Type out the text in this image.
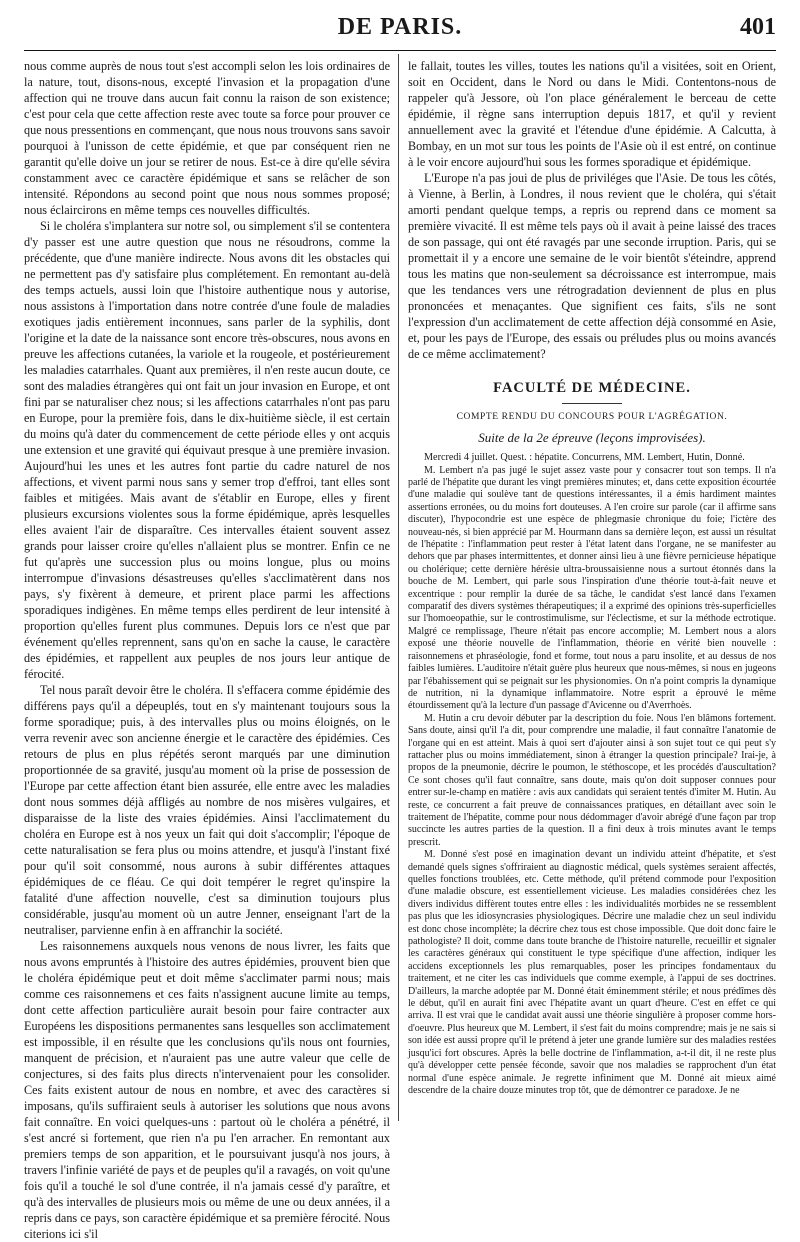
DE PARIS.	401

nous comme auprès de nous tout s'est accompli selon les lois ordinaires de la nature, tout, disons-nous, excepté l'invasion et la propagation d'une affection qui ne trouve dans aucun fait connu la raison de son existence; c'est pour cela que cette affection reste avec toute sa force pour prouver ce que nous pressentions en commençant, que nous nous trouvons sans savoir pourquoi à l'unisson de cette épidémie, et que par conséquent rien ne garantit qu'elle doive un jour se retirer de nous. Est-ce à dire qu'elle sévira constamment avec ce caractère épidémique et sans se relâcher de son intensité. Répondons au second point que nous nous sommes proposé; nous éclaircirons en même temps ces nouvelles difficultés.

Si le choléra s'implantera sur notre sol, ou simplement s'il se contentera d'y passer est une autre question que nous ne résoudrons, comme la précédente, que d'une manière indirecte. Nous avons dit les obstacles qui ne permettent pas d'y satisfaire plus complétement. En remontant au-delà des temps actuels, aussi loin que l'histoire authentique nous y autorise, nous assistons à l'importation dans notre contrée d'une foule de maladies exotiques jadis entièrement inconnues, sans parler de la syphilis, dont l'origine et la date de la naissance sont encore très-obscures, nous avons en preuve les affections cutanées, la variole et la rougeole, et postérieurement les maladies catarrhales. Quant aux premières, il n'en reste aucun doute, ce sont des maladies étrangères qui ont fait un jour invasion en Europe, et ont fini par se naturaliser chez nous; si les affections catarrhales n'ont pas paru en Europe, pour la première fois, dans le dix-huitième siècle, il est certain du moins qu'à dater du commencement de cette période elles y ont acquis une extension et une gravité qui équivaut presque à une première invasion. Aujourd'hui les unes et les autres font partie du cadre naturel de nos affections, et vivent parmi nous sans y semer trop d'effroi, tant elles sont faibles et mitigées. Mais avant de s'établir en Europe, elles y firent plusieurs excursions violentes sous la forme épidémique, après lesquelles elles avaient l'air de disparaître. Ces intervalles étaient souvent assez grands pour laisser croire qu'elles n'allaient plus se montrer. Enfin ce ne fut qu'après une succession plus ou moins longue, plus ou moins interrompue d'invasions désastreuses qu'elles s'acclimatèrent dans nos pays, s'y fixèrent à demeure, et prirent place parmi les affections sporadiques indigènes. En même temps elles perdirent de leur intensité à proportion qu'elles furent plus communes. Depuis lors ce n'est que par événement qu'elles reprennent, sans qu'on en sache la cause, le caractère des épidémies, et rappellent aux peuples de nos jours leur antique de férocité.

Tel nous paraît devoir être le choléra. Il s'effacera comme épidémie des différens pays qu'il a dépeuplés, tout en s'y maintenant toujours sous la forme sporadique; puis, à des intervalles plus ou moins éloignés, on le verra revenir avec son ancienne énergie et le caractère des épidémies. Ces retours de plus en plus répétés seront marqués par une diminution proportionnée de sa gravité, jusqu'au moment où la prise de possession de l'Europe par cette affection étant bien assurée, elle entre avec les maladies dont nous sommes déjà affligés au nombre de nos misères vulgaires, et disparaisse de la liste des vraies épidémies. Ainsi l'acclimatement du choléra en Europe est à nos yeux un fait qui doit s'accomplir; l'époque de cette naturalisation se fera plus ou moins attendre, et jusqu'à l'instant fixé pour qu'il soit consommé, nous aurons à subir différentes attaques épidémiques de ce fléau. Ce qui doit tempérer le regret qu'inspire la fatalité d'une affection nouvelle, c'est sa diminution toujours plus considérable, jusqu'au moment où un autre Jenner, enseignant l'art de la neutraliser, parvienne enfin à en affranchir la société.

Les raisonnemens auxquels nous venons de nous livrer, les faits que nous avons empruntés à l'histoire des autres épidémies, prouvent bien que le choléra épidémique peut et doit même s'acclimater parmi nous; mais comme ces raisonnemens et ces faits n'assignent aucune limite au temps, dont cette affection particulière aurait besoin pour faire contracter aux Européens les dispositions permanentes sans lesquelles son acclimatement est impossible, il en résulte que les conclusions qu'ils nous ont fournies, manquent de précision, et n'auraient pas une autre valeur que celle de conjectures, si des faits plus directs n'intervenaient pour les consolider. Ces faits existent autour de nous en nombre, et avec des caractères si imposans, qu'ils suffiraient seuls à autoriser les solutions que nous avons fait connaître. En voici quelques-uns : partout où le choléra a pénétré, il s'est ancré si fortement, que rien n'a pu l'en arracher. En remontant aux premiers temps de son apparition, et le poursuivant jusqu'à nos jours, à travers l'infinie variété de pays et de peuples qu'il a ravagés, on voit qu'une fois qu'il a touché le sol d'une contrée, il n'a jamais cessé d'y paraître, et qu'à des intervalles de plusieurs mois ou même de une ou deux années, il a repris dans ce pays, son caractère épidémique et sa première férocité. Nous citerions ici s'il

le fallait, toutes les villes, toutes les nations qu'il a visitées, soit en Orient, soit en Occident, dans le Nord ou dans le Midi. Contentons-nous de rappeler qu'à Jessore, où l'on place généralement le berceau de cette épidémie, il règne sans interruption depuis 1817, et qu'il y revient annuellement avec la gravité et l'étendue d'une épidémie. A Calcutta, à Bombay, en un mot sur tous les points de l'Asie où il est entré, on continue à le voir encore aujourd'hui sous les formes sporadique et épidémique.

L'Europe n'a pas joui de plus de priviléges que l'Asie. De tous les côtés, à Vienne, à Berlin, à Londres, il nous revient que le choléra, qui s'était amorti pendant quelque temps, a repris ou reprend dans ce moment sa première vivacité. Il est même tels pays où il avait à peine laissé des traces de son passage, qui ont été ravagés par une seconde irruption. Paris, qui se promettait il y a encore une semaine de le voir bientôt s'éteindre, apprend tous les matins que non-seulement sa décroissance est interrompue, mais que les tendances vers une rétrogradation deviennent de plus en plus prononcées et menaçantes. Que signifient ces faits, s'ils ne sont l'expression d'un acclimatement de cette affection déjà consommé en Asie, et, pour les pays de l'Europe, des essais ou préludes plus ou moins avancés de ce même acclimatement?

FACULTÉ DE MÉDECINE.
COMPTE RENDU DU CONCOURS POUR L'AGRÉGATION.
Suite de la 2e épreuve (leçons improvisées).

Mercredi 4 juillet. Quest. : hépatite. Concurrens, MM. Lembert, Hutin, Donné.

M. Lembert n'a pas jugé le sujet assez vaste pour y consacrer tout son temps. Il n'a parlé de l'hépatite que durant les vingt premières minutes; et, dans cette exposition écourtée d'une maladie qui soulève tant de questions intéressantes, il a émis hardiment maintes assertions erronées, ou du moins fort douteuses. A l'en croire sur parole (car il affirme sans discuter), l'hypocondrie est une espèce de phlegmasie chronique du foie; l'ictère des nouveau-nés, si bien apprécié par M. Hourmann dans sa dernière leçon, est aussi un résultat de l'hépatite : l'inflammation peut rester à l'état latent dans l'organe, ne se manifester au dehors que par phases intermittentes, et donner ainsi lieu à une fièvre pernicieuse hépatique ou cholérique; cette dernière hérésie ultra-broussaisienne nous a surtout étonnés dans la bouche de M. Lembert, qui parle sous l'inspiration d'une théorie tout-à-fait neuve et excentrique : pour remplir la durée de sa tâche, le candidat s'est lancé dans l'examen comparatif des divers systèmes thérapeutiques; il a exprimé des opinions très-superficielles sur l'homoeopathie, sur le controstimulisme, sur l'éclectisme, et sur la méthode ectrotique. Malgré ce remplissage, l'heure n'était pas encore accomplie; M. Lembert nous a alors exposé une théorie nouvelle de l'inflammation, théorie en vérité bien nouvelle : raisonnemens et phraséologie, fond et forme, tout nous a paru insolite, et au dessus de nos faibles lumières. L'auditoire n'était guère plus heureux que nous-mêmes, si nous en jugeons par l'ébahissement qui se peignait sur les physionomies. On n'a point compris la dynamique de nutrition, ni la dynamique inflammatoire. Notre esprit a éprouvé le même étourdissement qu'à la lecture d'un passage d'Avicenne ou d'Averrhoès.

M. Hutin a cru devoir débuter par la description du foie. Nous l'en blâmons fortement. Sans doute, ainsi qu'il l'a dit, pour comprendre une maladie, il faut connaître l'anatomie de l'organe qui en est atteint. Mais à quoi sert d'ajouter ainsi à son sujet tout ce qui peut s'y rattacher plus ou moins immédiatement, sinon à étranger la question principale? Irai-je, à propos de la pneumonie, décrire le poumon, le stéthoscope, et les procédés d'auscultation? Ce sont choses qu'il faut connaître, sans doute, mais qu'on doit supposer connues pour entrer sur-le-champ en matière : avis aux candidats qui seraient tentés d'imiter M. Hutin. Au reste, ce concurrent a fait preuve de connaissances pratiques, en détaillant avec soin le traitement de l'hépatite, comme pour nous dédommager d'avoir abrégé d'une façon par trop succincte les autres parties de la question. Il a fini deux à trois minutes avant le temps prescrit.

M. Donné s'est posé en imagination devant un individu atteint d'hépatite, et s'est demandé quels signes s'offriraient au diagnostic médical, quels systèmes seraient affectés, quelles fonctions troublées, etc. Cette méthode, qu'il prétend commode pour l'exposition d'une maladie obscure, est essentiellement vicieuse. Les maladies considérées chez les divers individus diffèrent toutes entre elles : les individualités morbides ne se ressemblent pas plus que les idiosyncrasies physiologiques. Décrire une maladie chez un seul individu est donc chose incomplète; la décrire chez tous est chose impossible. Que doit donc faire le pathologiste? Il doit, comme dans toute branche de l'histoire naturelle, recueillir et signaler les caractères généraux qui constituent le type spécifique d'une affection, indiquer les accidens exceptionnels les plus remarquables, poser les principes fondamentaux du traitement, et ne citer les cas individuels que comme exemple, à l'appui de ses doctrines. D'ailleurs, la marche adoptée par M. Donné était éminemment stérile; et nous prédîmes dès le début, qu'il en aurait fini avec l'hépatite avant un quart d'heure. C'est en effet ce qui arriva. Il est vrai que le candidat avait aussi une théorie singulière à proposer comme hors-d'oeuvre. Plus heureux que M. Lembert, il s'est fait du moins comprendre; mais je ne sais si son idée est aussi propre qu'il le prétend à jeter une grande lumière sur des maladies restées jusqu'ici fort obscures. Après la belle doctrine de l'inflammation, a-t-il dit, il ne reste plus qu'à développer cette pensée féconde, savoir que nos maladies se rapprochent d'un état normal d'une espèce animale. Je regrette infiniment que M. Donné ait mieux aimé descendre de la chaire douze minutes trop tôt, que de démontrer ce paradoxe. Je ne
